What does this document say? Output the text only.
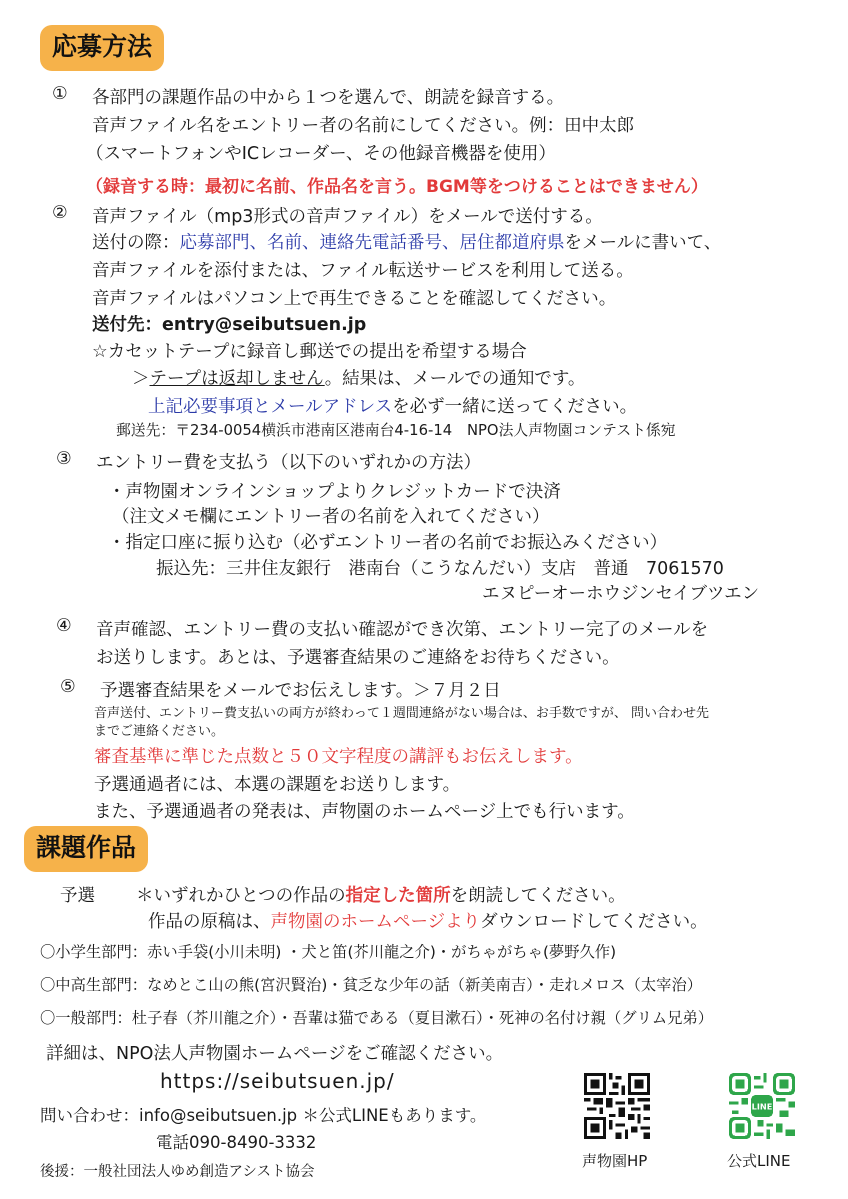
応募方法
① 各部門の課題作品の中から１つを選んで、朗読を録音する。
音声ファイル名をエントリー者の名前にしてください。例：田中太郎
（スマートフォンやICレコーダー、その他録音機器を使用）
（録音する時：最初に名前、作品名を言う。BGM等をつけることはできません）
② 音声ファイル（mp3形式の音声ファイル）をメールで送付する。
送付の際：応募部門、名前、連絡先電話番号、居住都道府県をメールに書いて、
音声ファイルを添付または、ファイル転送サービスを利用して送る。
音声ファイルはパソコン上で再生できることを確認してください。
送付先：entry@seibutsuen.jp
☆カセットテープに録音し郵送での提出を希望する場合
＞テープは返却しません。結果は、メールでの通知です。
上記必要事項とメールアドレスを必ず一緒に送ってください。
郵送先：〒234-0054横浜市港南区港南台4-16-14　NPO法人声物園コンテスト係宛
③ エントリー費を支払う（以下のいずれかの方法）
・声物園オンラインショップよりクレジットカードで決済
（注文メモ欄にエントリー者の名前を入れてください）
・指定口座に振り込む（必ずエントリー者の名前でお振込みください）
振込先：三井住友銀行　港南台（こうなんだい）支店　普通　7061570
エヌピーオーホウジンセイブツエン
④ 音声確認、エントリー費の支払い確認ができ次第、エントリー完了のメールを
お送りします。あとは、予選審査結果のご連絡をお待ちください。
⑤ 予選審査結果をメールでお伝えします。＞７月２日
音声送付、エントリー費支払いの両方が終わって１週間連絡がない場合は、お手数ですが、 問い合わせ先
までご連絡ください。
審査基準に準じた点数と５０文字程度の講評もお伝えします。
予選通過者には、本選の課題をお送りします。
また、予選通過者の発表は、声物園のホームページ上でも行います。
課題作品
予選 ＊いずれかひとつの作品の指定した箇所を朗読してください。
作品の原稿は、声物園のホームページよりダウンロードしてください。
〇小学生部門：赤い手袋(小川未明) ・犬と笛(芥川龍之介)・がちゃがちゃ(夢野久作)
〇中高生部門：なめとこ山の熊(宮沢賢治)・貧乏な少年の話（新美南吉）・走れメロス（太宰治）
〇一般部門：杜子春（芥川龍之介）・吾輩は猫である（夏目漱石）・死神の名付け親（グリム兄弟）
詳細は、NPO法人声物園ホームページをご確認ください。
https://seibutsuen.jp/
問い合わせ：info@seibutsuen.jp ＊公式LINEもあります。
電話090-8490-3332
後援：一般社団法人ゆめ創造アシスト協会
声物園HP
LINE
公式LINE
